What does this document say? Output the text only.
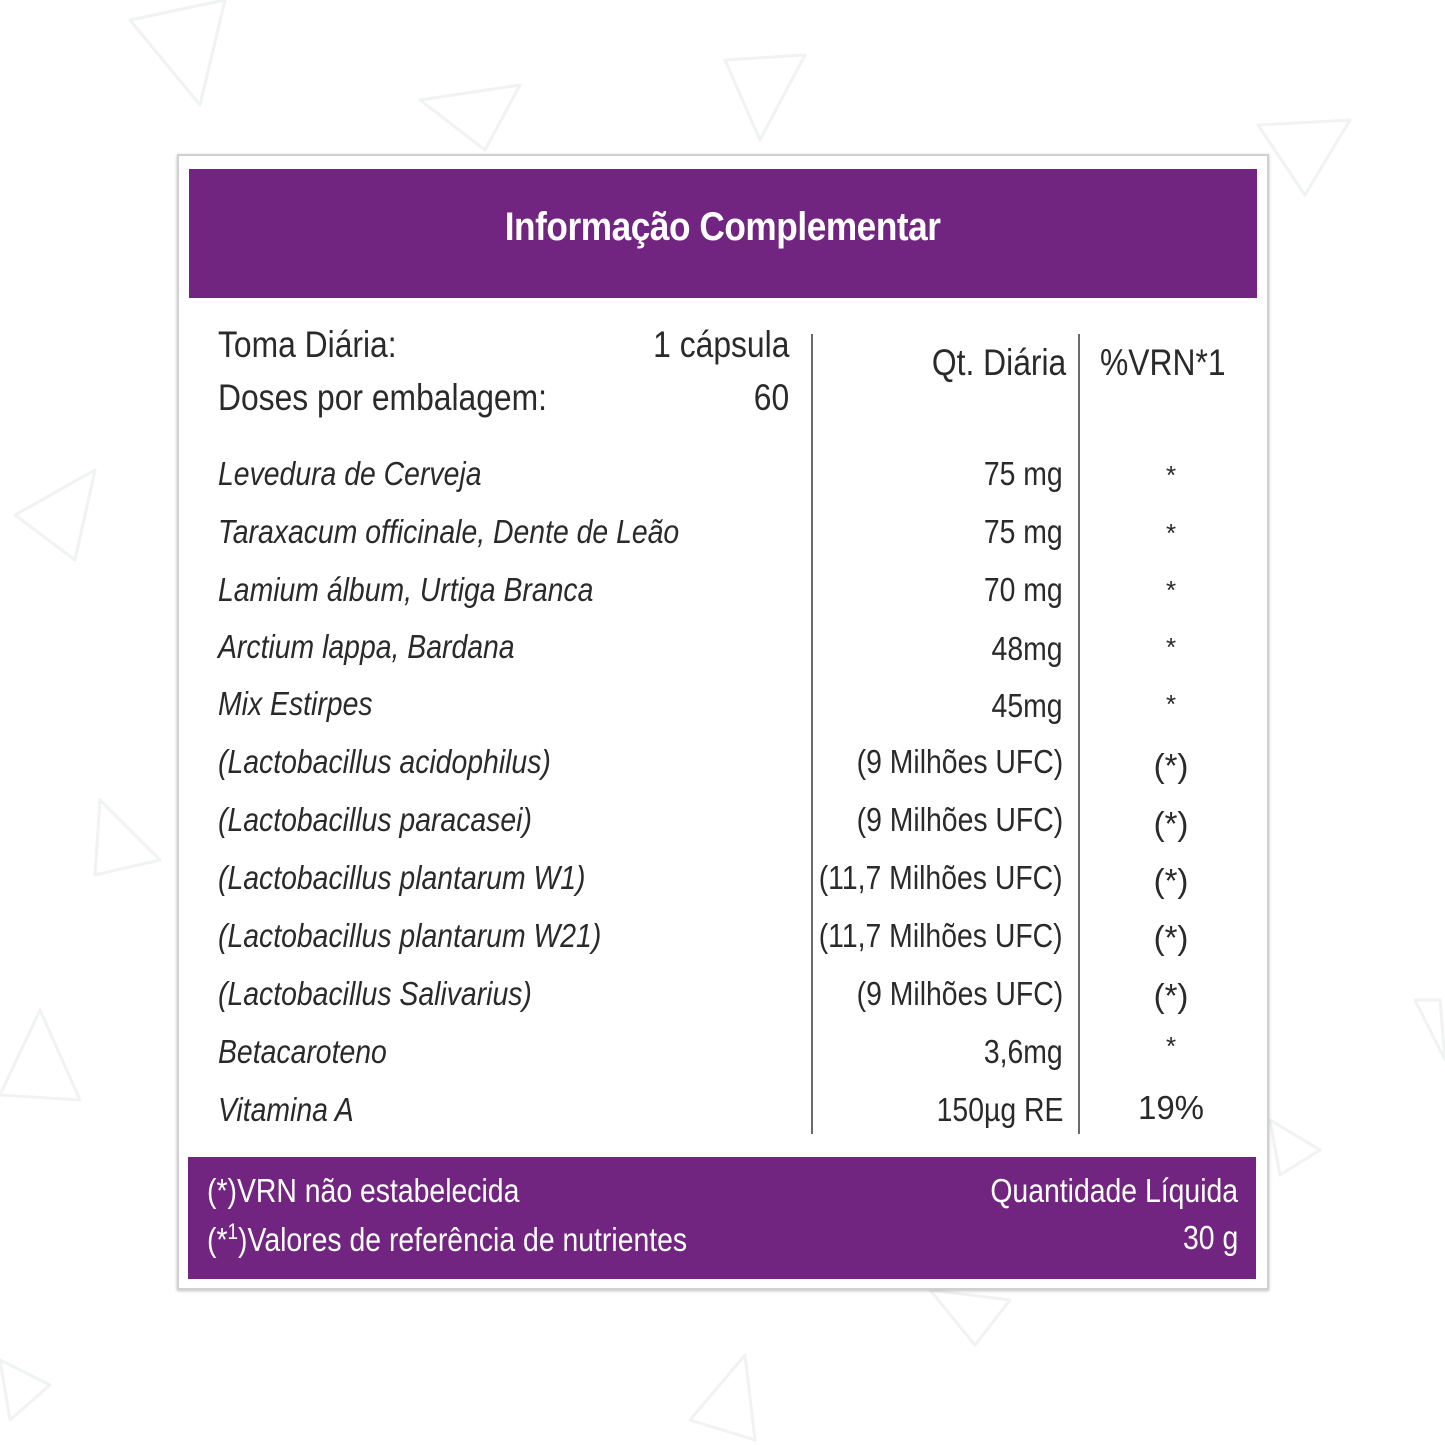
Informação Complementar
Toma Diária:	1 cápsula
Doses por embalagem:	60
Qt. Diária %VRN*1
Levedura de Cerveja	75 mg	*
Taraxacum officinale, Dente de Leão	75 mg	*
Lamium álbum, Urtiga Branca	70 mg	*
Arctium lappa, Bardana	48mg	*
Mix Estirpes	45mg	*
(Lactobacillus acidophilus)	(9 Milhões UFC)	(*)
(Lactobacillus paracasei)	(9 Milhões UFC)	(*)
(Lactobacillus plantarum W1)	(11,7 Milhões UFC)	(*)
(Lactobacillus plantarum W21)	(11,7 Milhões UFC)	(*)
(Lactobacillus Salivarius)	(9 Milhões UFC)	(*)
Betacaroteno	3,6mg	*
Vitamina A	150µg RE	19%
(*)VRN não estabelecida
(*$^1$)Valores de referência de nutrientes
Quantidade Líquida
30 g
